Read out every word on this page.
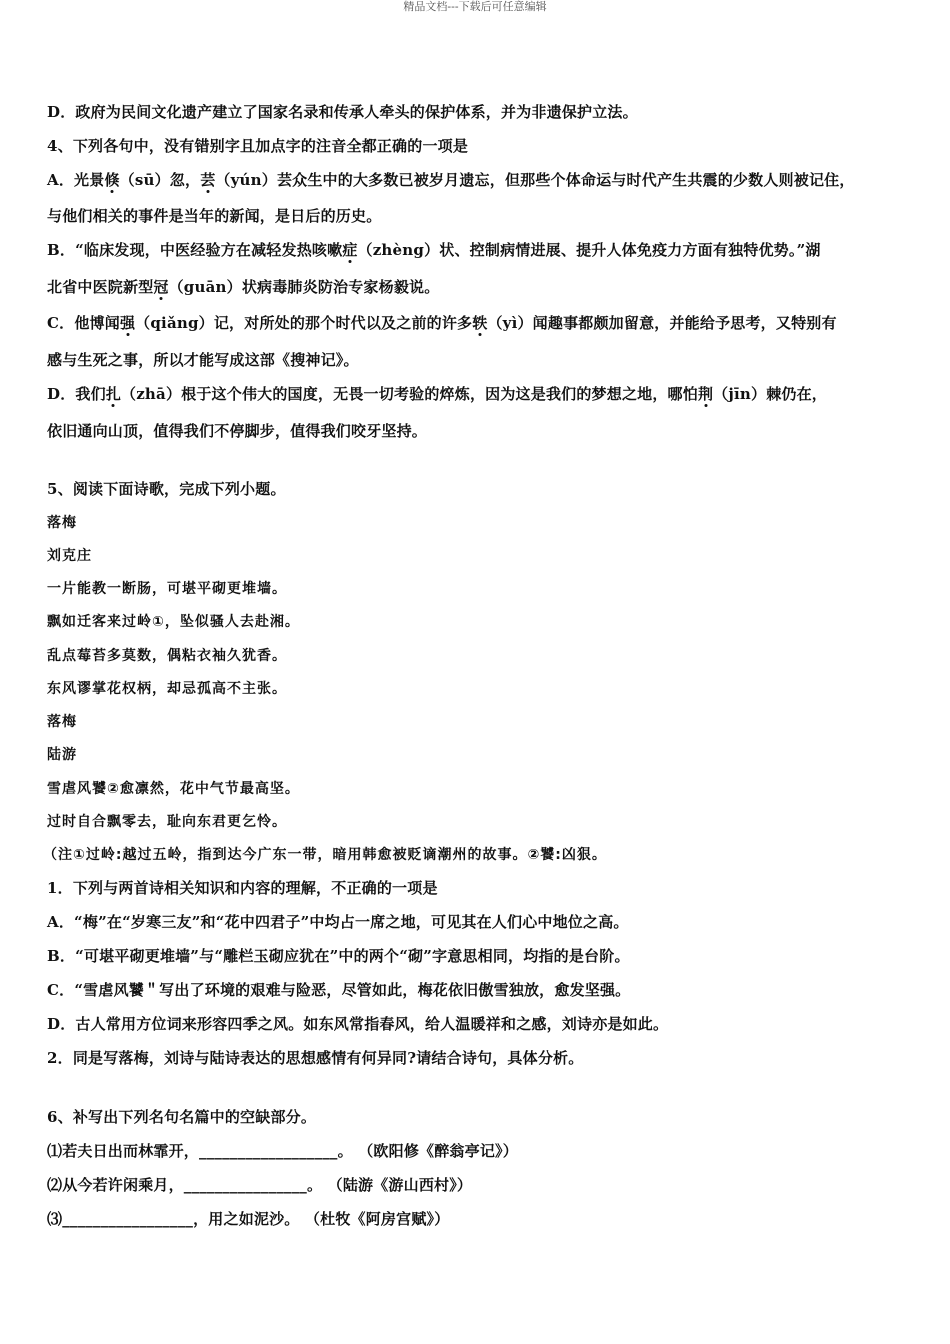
精品文档---下载后可任意编辑
D．政府为民间文化遗产建立了国家名录和传承人牵头的保护体系，并为非遗保护立法。
4、下列各句中，没有错别字且加点字的注音全都正确的一项是
A．光景倏（sū）忽，芸（yún）芸众生中的大多数已被岁月遗忘，但那些个体命运与时代产生共震的少数人则被记住，
与他们相关的事件是当年的新闻，是日后的历史。
B．“临床发现，中医经验方在减轻发热咳嗽症（zhèng）状、控制病情进展、提升人体免疫力方面有独特优势。”湖
北省中医院新型冠（guān）状病毒肺炎防治专家杨毅说。
C．他博闻强（qiǎng）记，对所处的那个时代以及之前的许多轶（yì）闻趣事都颇加留意，并能给予思考，又特别有
感与生死之事，所以才能写成这部《搜神记》。
D．我们扎（zhā）根于这个伟大的国度，无畏一切考验的焠炼，因为这是我们的梦想之地，哪怕荆（jīn）棘仍在，
依旧通向山顶，值得我们不停脚步，值得我们咬牙坚持。
5、阅读下面诗歌，完成下列小题。
落梅
刘克庄
一片能教一断肠，可堪平砌更堆墙。
飘如迁客来过岭①，坠似骚人去赴湘。
乱点莓苔多莫数，偶粘衣袖久犹香。
东风谬掌花权柄，却忌孤高不主张。
落梅
陆游
雪虐风饕②愈凛然，花中气节最高坚。
过时自合飘零去，耻向东君更乞怜。
（注①过岭:越过五岭，指到达今广东一带，暗用韩愈被贬谪潮州的故事。②饕:凶狠。
1．下列与两首诗相关知识和内容的理解，不正确的一项是
A．“梅”在“岁寒三友”和“花中四君子”中均占一席之地，可见其在人们心中地位之高。
B．“可堪平砌更堆墙”与“雕栏玉砌应犹在”中的两个“砌”字意思相同，均指的是台阶。
C．“雪虐风饕＂写出了环境的艰难与险恶，尽管如此，梅花依旧傲雪独放，愈发坚强。
D．古人常用方位词来形容四季之风。如东风常指春风，给人温暖祥和之感，刘诗亦是如此。
2．同是写落梅，刘诗与陆诗表达的思想感情有何异同?请结合诗句，具体分析。
6、补写出下列名句名篇中的空缺部分。
⑴若夫日出而林霏开，__________________。 （欧阳修《醉翁亭记》）
⑵从今若许闲乘月，________________。 （陆游《游山西村》）
⑶_________________，用之如泥沙。 （杜牧《阿房宫赋》）
